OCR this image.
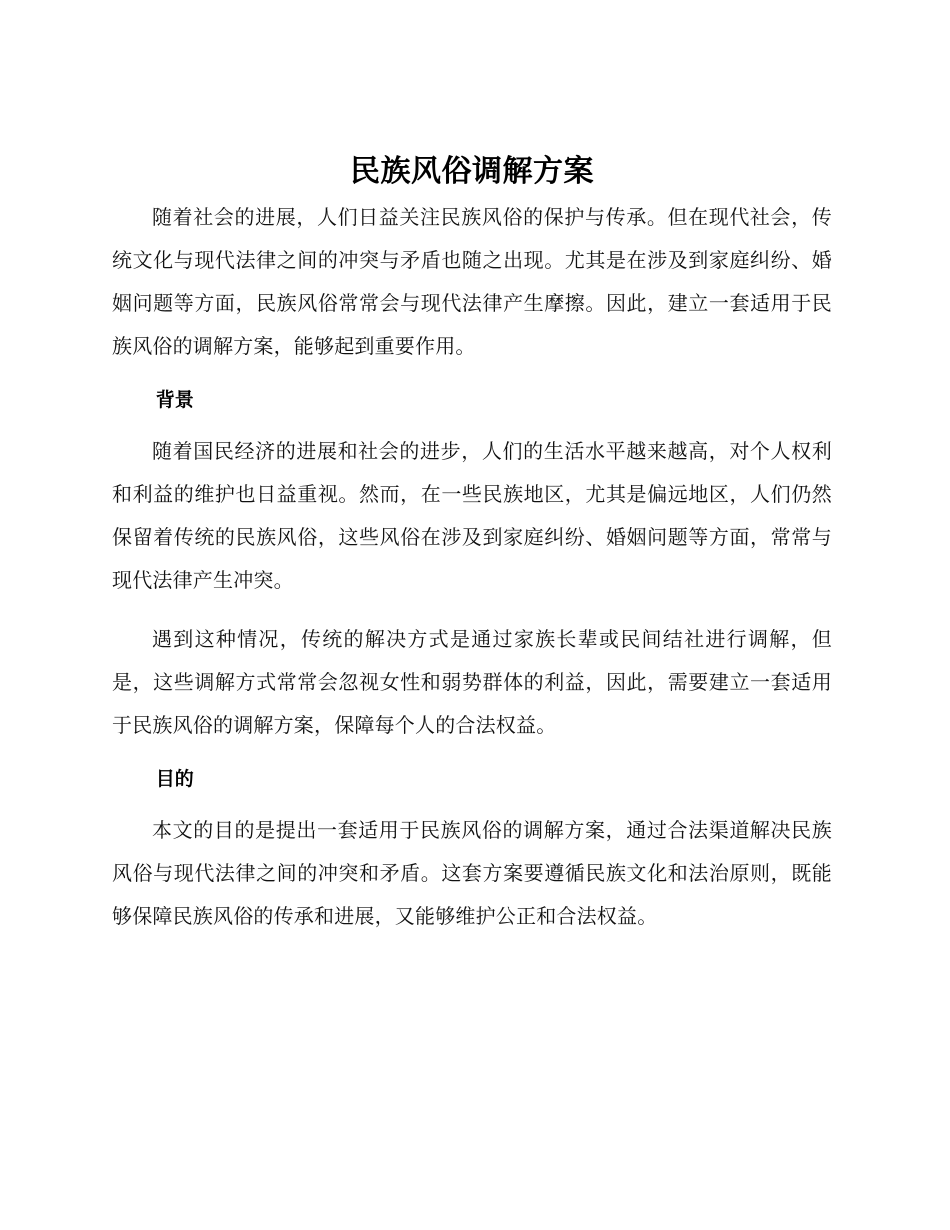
民族风俗调解方案

随着社会的进展，人们日益关注民族风俗的保护与传承。但在现代社会，传统文化与现代法律之间的冲突与矛盾也随之出现。尤其是在涉及到家庭纠纷、婚姻问题等方面，民族风俗常常会与现代法律产生摩擦。因此，建立一套适用于民族风俗的调解方案，能够起到重要作用。

背景

随着国民经济的进展和社会的进步，人们的生活水平越来越高，对个人权利和利益的维护也日益重视。然而，在一些民族地区，尤其是偏远地区，人们仍然保留着传统的民族风俗，这些风俗在涉及到家庭纠纷、婚姻问题等方面，常常与现代法律产生冲突。

遇到这种情况，传统的解决方式是通过家族长辈或民间结社进行调解，但是，这些调解方式常常会忽视女性和弱势群体的利益，因此，需要建立一套适用于民族风俗的调解方案，保障每个人的合法权益。

目的

本文的目的是提出一套适用于民族风俗的调解方案，通过合法渠道解决民族风俗与现代法律之间的冲突和矛盾。这套方案要遵循民族文化和法治原则，既能够保障民族风俗的传承和进展，又能够维护公正和合法权益。
